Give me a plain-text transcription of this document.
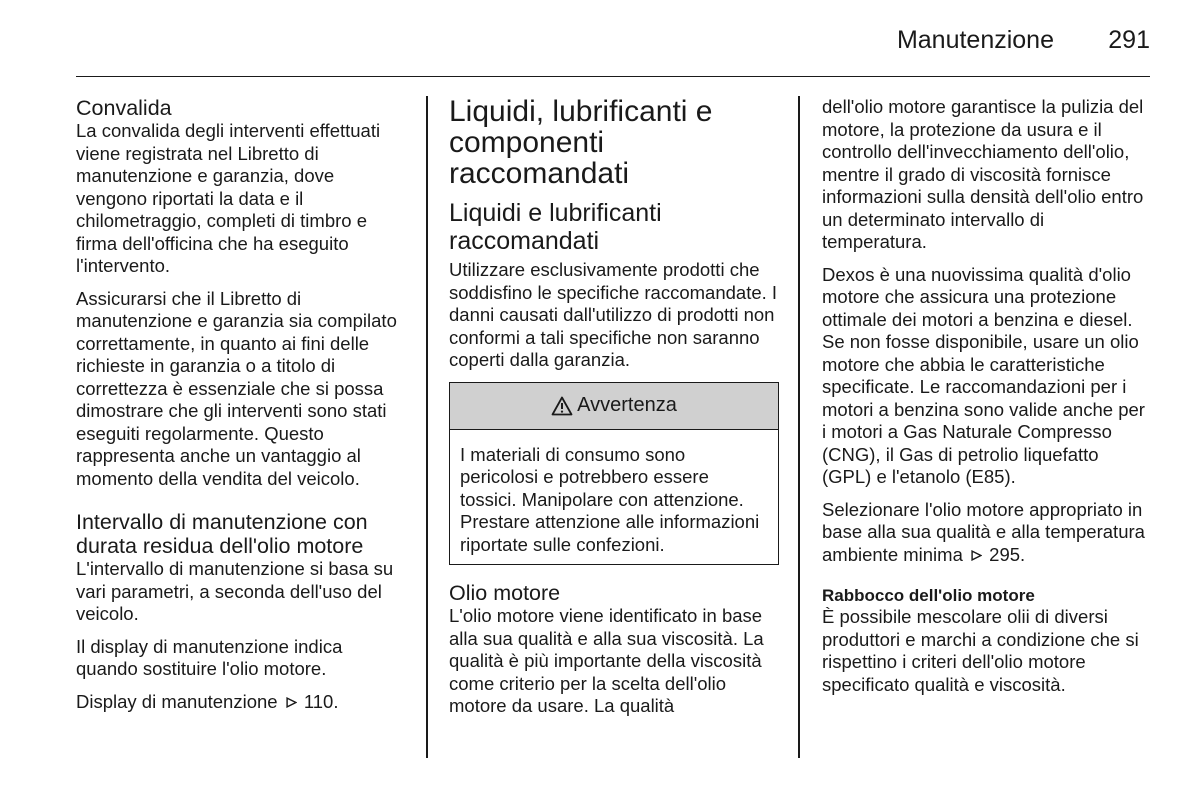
Manutenzione 291
Convalida

La convalida degli interventi effettuati viene registrata nel Libretto di manutenzione e garanzia, dove vengono riportati la data e il chilometraggio, completi di timbro e firma dell'officina che ha eseguito l'intervento.

Assicurarsi che il Libretto di manutenzione e garanzia sia compilato correttamente, in quanto ai fini delle richieste in garanzia o a titolo di correttezza è essenziale che si possa dimostrare che gli interventi sono stati eseguiti regolarmente. Questo rappresenta anche un vantaggio al momento della vendita del veicolo.

Intervallo di manutenzione con durata residua dell'olio motore

L'intervallo di manutenzione si basa su vari parametri, a seconda dell'uso del veicolo.

Il display di manutenzione indica quando sostituire l'olio motore.

Display di manutenzione 110.

Liquidi, lubrificanti e componenti raccomandati
Liquidi e lubrificanti raccomandati

Utilizzare esclusivamente prodotti che soddisfino le specifiche raccomandate. I danni causati dall'utilizzo di prodotti non conformi a tali specifiche non saranno coperti dalla garanzia.

Avvertenza

I materiali di consumo sono pericolosi e potrebbero essere tossici. Manipolare con attenzione. Prestare attenzione alle informazioni riportate sulle confezioni.

Olio motore

L'olio motore viene identificato in base alla sua qualità e alla sua viscosità. La qualità è più importante della viscosità come criterio per la scelta dell'olio motore da usare. La qualità

dell'olio motore garantisce la pulizia del motore, la protezione da usura e il controllo dell'invecchiamento dell'olio, mentre il grado di viscosità fornisce informazioni sulla densità dell'olio entro un determinato intervallo di temperatura.

Dexos è una nuovissima qualità d'olio motore che assicura una protezione ottimale dei motori a benzina e diesel. Se non fosse disponibile, usare un olio motore che abbia le caratteristiche specificate. Le raccomandazioni per i motori a benzina sono valide anche per i motori a Gas Naturale Compresso (CNG), il Gas di petrolio liquefatto (GPL) e l'etanolo (E85).

Selezionare l'olio motore appropriato in base alla sua qualità e alla temperatura ambiente minima 295.

Rabbocco dell'olio motore

È possibile mescolare olii di diversi produttori e marchi a condizione che si rispettino i criteri dell'olio motore specificato qualità e viscosità.
